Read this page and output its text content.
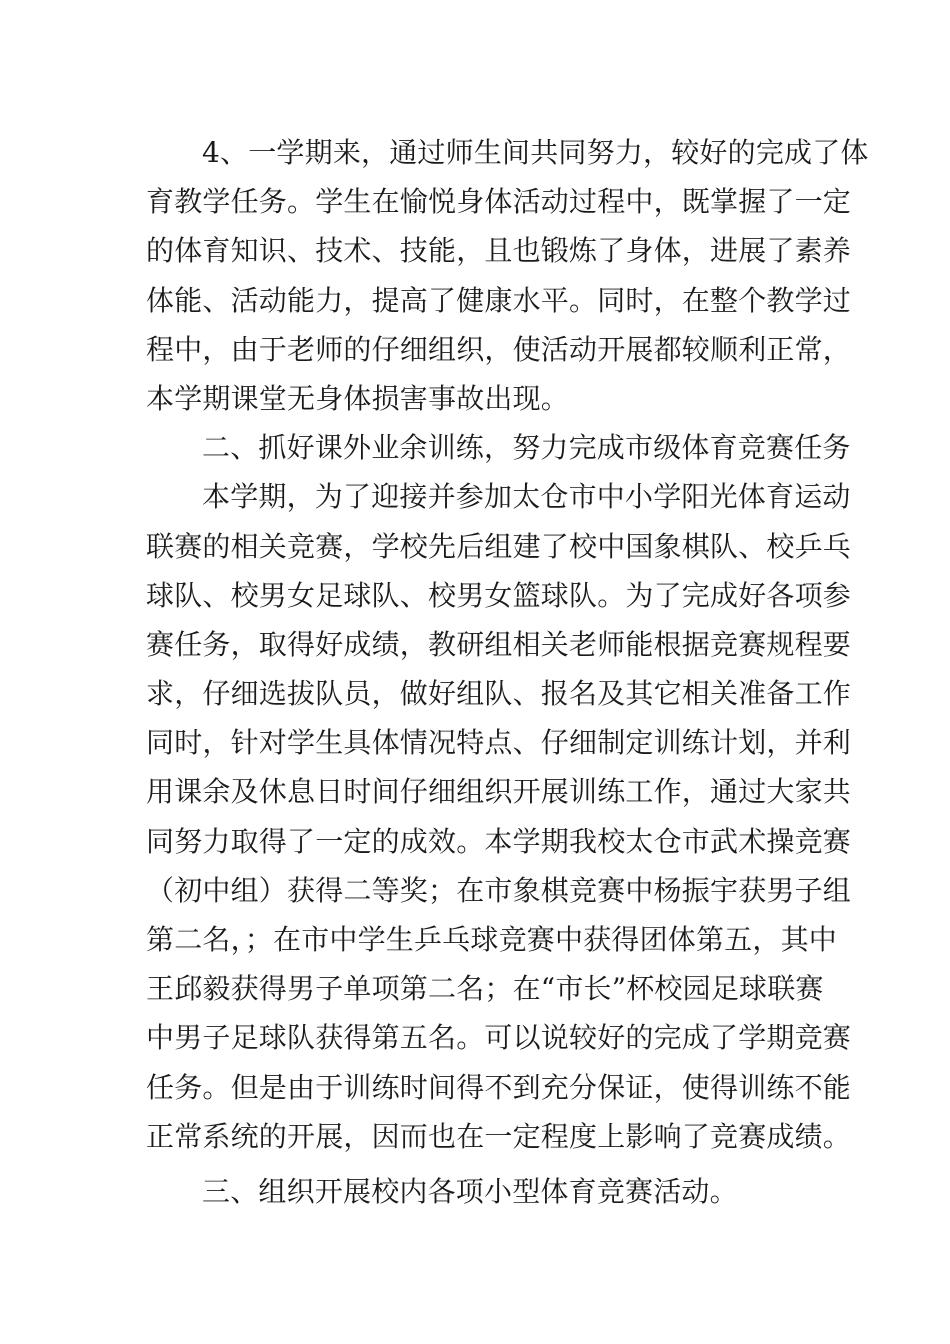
4、一学期来，通过师生间共同努力，较好的完成了体
育教学任务。学生在愉悦身体活动过程中，既掌握了一定
的体育知识、技术、技能，且也锻炼了身体，进展了素养
体能、活动能力，提高了健康水平。同时，在整个教学过
程中，由于老师的仔细组织，使活动开展都较顺利正常，
本学期课堂无身体损害事故出现。
二、抓好课外业余训练，努力完成市级体育竞赛任务
本学期，为了迎接并参加太仓市中小学阳光体育运动
联赛的相关竞赛，学校先后组建了校中国象棋队、校乒乓
球队、校男女足球队、校男女篮球队。为了完成好各项参
赛任务，取得好成绩，教研组相关老师能根据竞赛规程要
求，仔细选拔队员，做好组队、报名及其它相关准备工作
同时，针对学生具体情况特点、仔细制定训练计划，并利
用课余及休息日时间仔细组织开展训练工作，通过大家共
同努力取得了一定的成效。本学期我校太仓市武术操竞赛
（初中组）获得二等奖；在市象棋竞赛中杨振宇获男子组
第二名，；在市中学生乒乓球竞赛中获得团体第五，其中
王邱毅获得男子单项第二名；在“市长”杯校园足球联赛
中男子足球队获得第五名。可以说较好的完成了学期竞赛
任务。但是由于训练时间得不到充分保证，使得训练不能
正常系统的开展，因而也在一定程度上影响了竞赛成绩。
三、组织开展校内各项小型体育竞赛活动。
